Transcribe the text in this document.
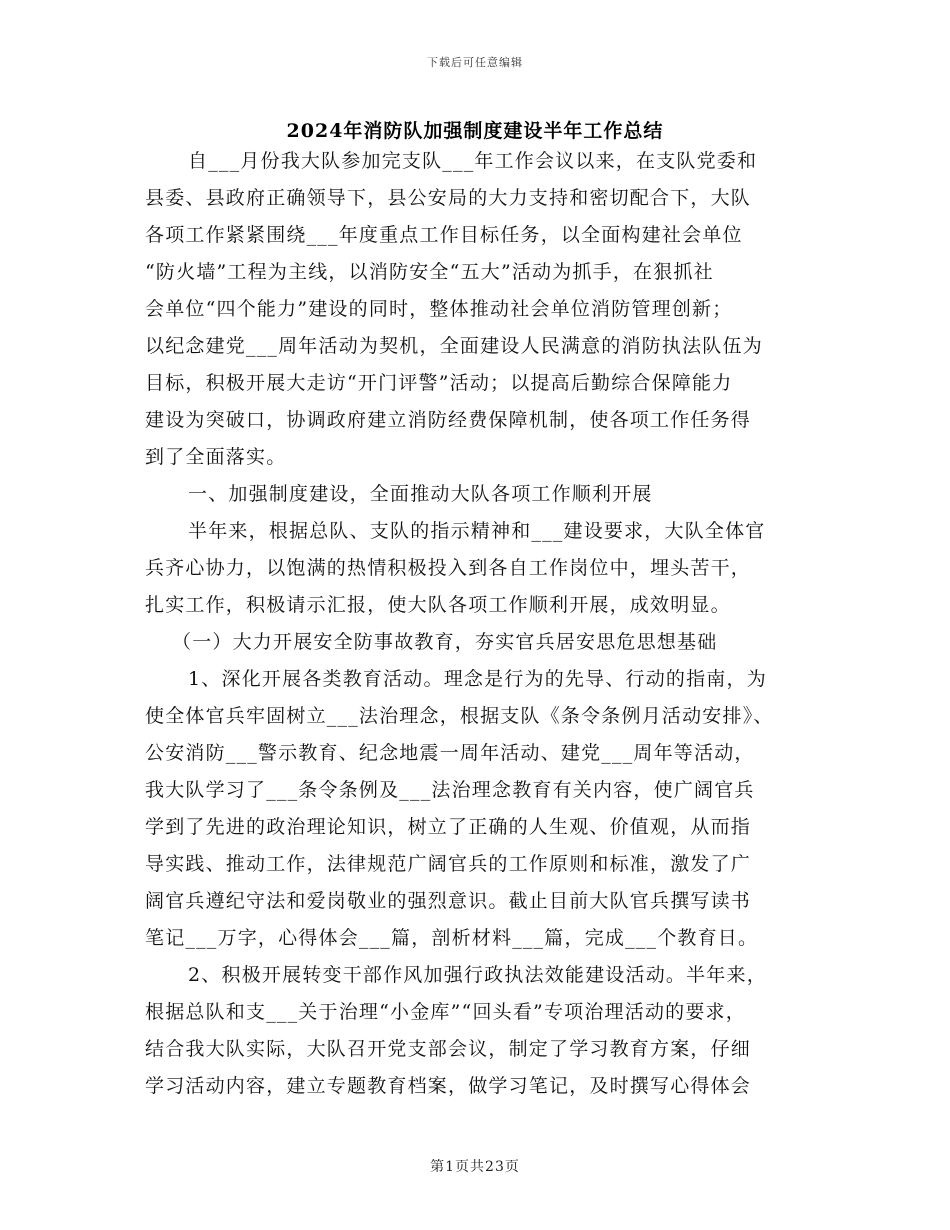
下载后可任意编辑
2024年消防队加强制度建设半年工作总结
自___月份我大队参加完支队___年工作会议以来，在支队党委和
县委、县政府正确领导下，县公安局的大力支持和密切配合下，大队
各项工作紧紧围绕___年度重点工作目标任务，以全面构建社会单位
“防火墙”工程为主线，以消防安全“五大”活动为抓手，在狠抓社
会单位“四个能力”建设的同时，整体推动社会单位消防管理创新；
以纪念建党___周年活动为契机，全面建设人民满意的消防执法队伍为
目标，积极开展大走访“开门评警”活动；以提高后勤综合保障能力
建设为突破口，协调政府建立消防经费保障机制，使各项工作任务得
到了全面落实。
一、加强制度建设，全面推动大队各项工作顺利开展
半年来，根据总队、支队的指示精神和___建设要求，大队全体官
兵齐心协力，以饱满的热情积极投入到各自工作岗位中，埋头苦干，
扎实工作，积极请示汇报，使大队各项工作顺利开展，成效明显。
（一）大力开展安全防事故教育，夯实官兵居安思危思想基础
1、深化开展各类教育活动。理念是行为的先导、行动的指南，为
使全体官兵牢固树立___法治理念，根据支队《条令条例月活动安排》、
公安消防___警示教育、纪念地震一周年活动、建党___周年等活动，
我大队学习了___条令条例及___法治理念教育有关内容，使广阔官兵
学到了先进的政治理论知识，树立了正确的人生观、价值观，从而指
导实践、推动工作，法律规范广阔官兵的工作原则和标准，激发了广
阔官兵遵纪守法和爱岗敬业的强烈意识。截止目前大队官兵撰写读书
笔记___万字，心得体会___篇，剖析材料___篇，完成___个教育日。
2、积极开展转变干部作风加强行政执法效能建设活动。半年来，
根据总队和支___关于治理“小金库”“回头看”专项治理活动的要求，
结合我大队实际，大队召开党支部会议，制定了学习教育方案，仔细
学习活动内容，建立专题教育档案，做学习笔记，及时撰写心得体会
第1页共23页
